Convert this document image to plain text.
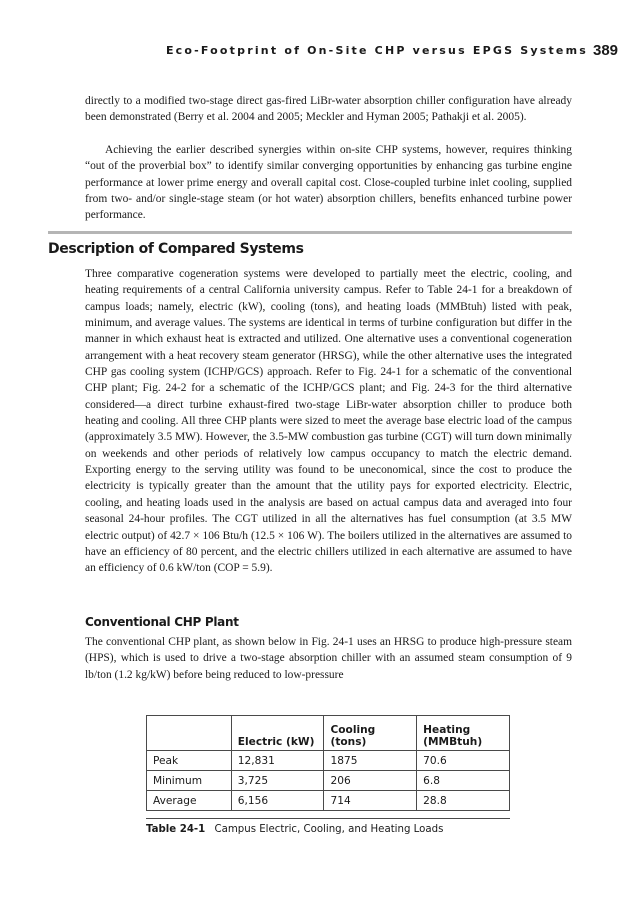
Eco-Footprint of On-Site CHP versus EPGS Systems 389

directly to a modified two-stage direct gas-fired LiBr-water absorption chiller configuration have already been demonstrated (Berry et al. 2004 and 2005; Meckler and Hyman 2005; Pathakji et al. 2005).

Achieving the earlier described synergies within on-site CHP systems, however, requires thinking “out of the proverbial box” to identify similar converging opportunities by enhancing gas turbine engine performance at lower prime energy and overall capital cost. Close-coupled turbine inlet cooling, supplied from two- and/or single-stage steam (or hot water) absorption chillers, benefits enhanced turbine power performance.

Description of Compared Systems

Three comparative cogeneration systems were developed to partially meet the electric, cooling, and heating requirements of a central California university campus. Refer to Table 24-1 for a breakdown of campus loads; namely, electric (kW), cooling (tons), and heating loads (MMBtuh) listed with peak, minimum, and average values. The systems are identical in terms of turbine configuration but differ in the manner in which exhaust heat is extracted and utilized. One alternative uses a conventional cogeneration arrangement with a heat recovery steam generator (HRSG), while the other alternative uses the integrated CHP gas cooling system (ICHP/GCS) approach. Refer to Fig. 24-1 for a schematic of the conventional CHP plant; Fig. 24-2 for a schematic of the ICHP/GCS plant; and Fig. 24-3 for the third alternative considered—a direct turbine exhaust-fired two-stage LiBr-water absorption chiller to produce both heating and cooling. All three CHP plants were sized to meet the average base electric load of the campus (approximately 3.5 MW). However, the 3.5-MW combustion gas turbine (CGT) will turn down minimally on weekends and other periods of relatively low campus occupancy to match the electric demand. Exporting energy to the serving utility was found to be uneconomical, since the cost to produce the electricity is typically greater than the amount that the utility pays for exported electricity. Electric, cooling, and heating loads used in the analysis are based on actual campus data and averaged into four seasonal 24-hour profiles. The CGT utilized in all the alternatives has fuel consumption (at 3.5 MW electric output) of 42.7 × 106 Btu/h (12.5 × 106 W). The boilers utilized in the alternatives are assumed to have an efficiency of 80 percent, and the electric chillers utilized in each alternative are assumed to have an efficiency of 0.6 kW/ton (COP = 5.9).

Conventional CHP Plant

The conventional CHP plant, as shown below in Fig. 24-1 uses an HRSG to produce high-pressure steam (HPS), which is used to drive a two-stage absorption chiller with an assumed steam consumption of 9 lb/ton (1.2 kg/kW) before being reduced to low-pressure

	Electric (kW)	Cooling (tons)	Heating (MMBtuh)
Peak	12,831	1875	70.6
Minimum	3,725	206	6.8
Average	6,156	714	28.8
Table 24-1 Campus Electric, Cooling, and Heating Loads
